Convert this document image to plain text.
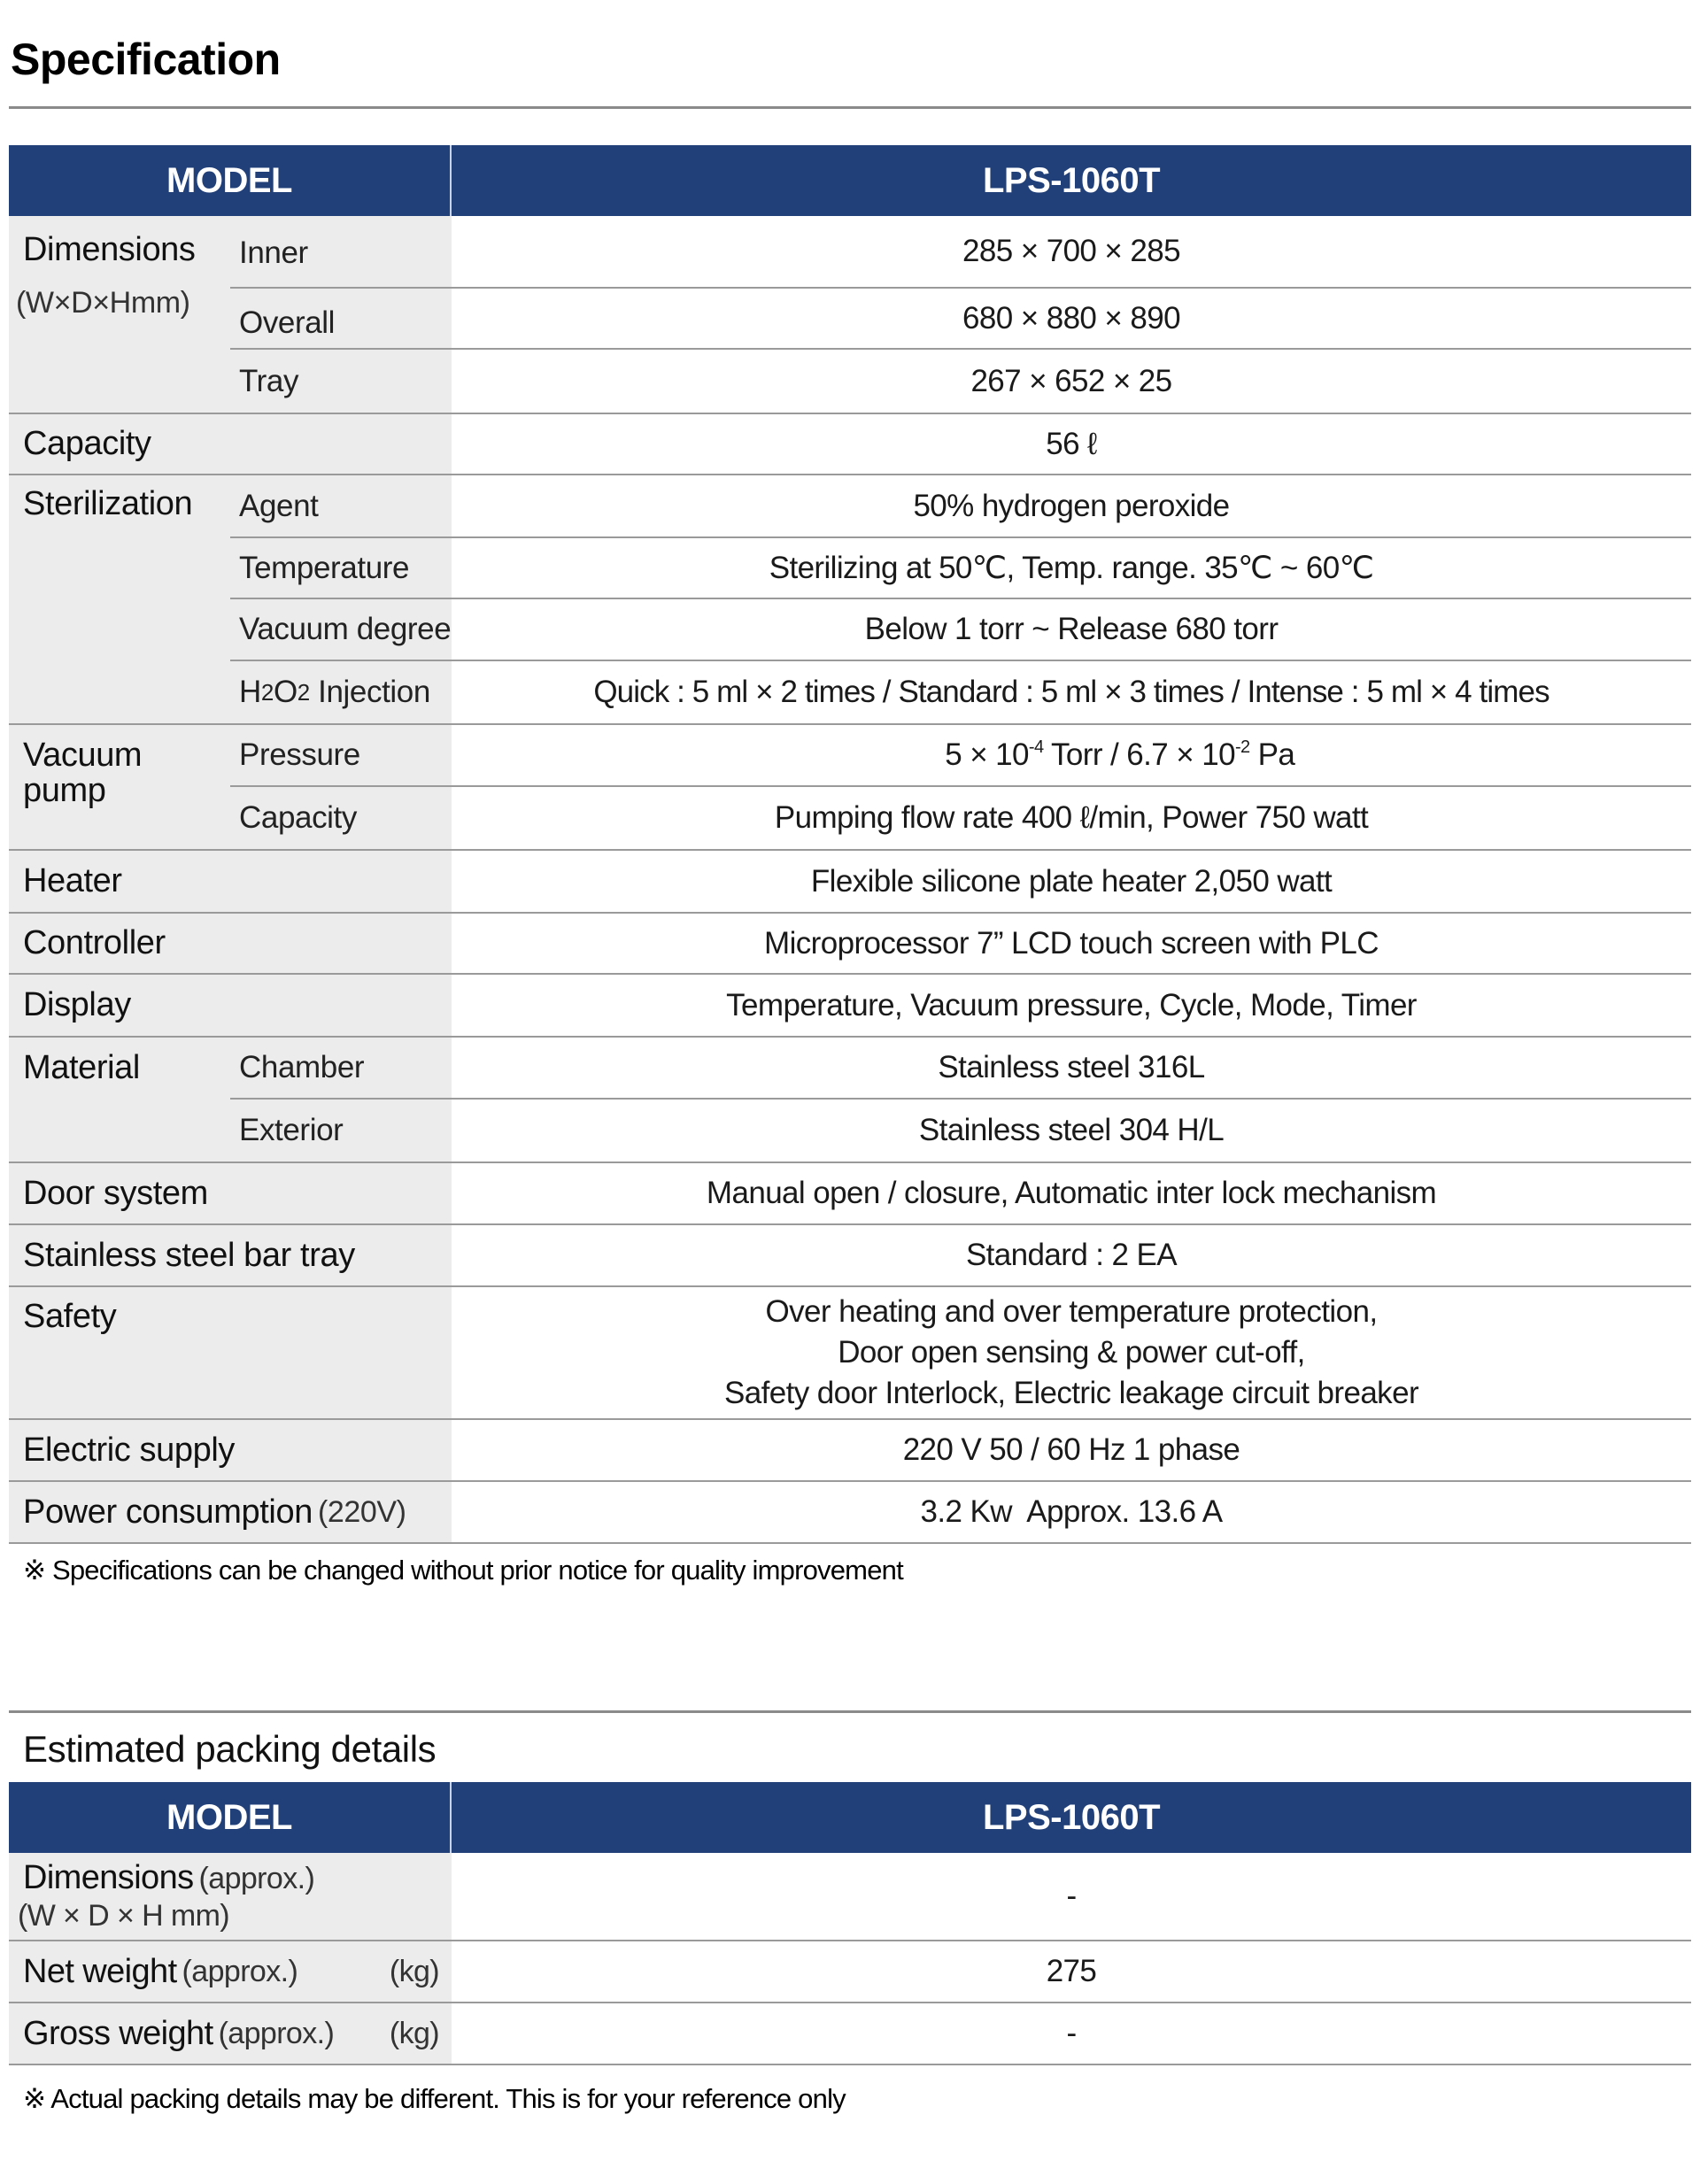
Specification
MODEL	LPS-1060T
Dimensions
(W×D×Hmm)
Inner	285 × 700 × 285
Overall	680 × 880 × 890
Tray	267 × 652 × 25
Capacity	56 ℓ
Sterilization	Agent	50% hydrogen peroxide
Temperature	Sterilizing at 50℃, Temp. range. 35℃ ~ 60℃
Vacuum degree	Below 1 torr ~ Release 680 torr
H 2 O 2 Injection	Quick : 5 ml × 2 times / Standard : 5 ml × 3 times / Intense : 5 ml × 4 times
Vacuum
pump
Pressure	$5 \times 10^{-4}$ Torr / $6.7 \times 10^{-2}$ Pa

Capacity	Pumping flow rate 400 ℓ/min, Power 750 watt
Heater	Flexible silicone plate heater 2,050 watt
Controller	Microprocessor 7” LCD touch screen with PLC
Display	Temperature, Vacuum pressure, Cycle, Mode, Timer
Material	Chamber	Stainless steel 316L
Exterior	Stainless steel 304 H/L
Door system	Manual open / closure, Automatic inter lock mechanism
Stainless steel bar tray	Standard : 2 EA
Safety	Over heating and over temperature protection,
Door open sensing & power cut-off,
Safety door Interlock, Electric leakage circuit breaker
Electric supply	220 V 50 / 60 Hz 1 phase
Power consumption (220V)	3.2 Kw  Approx. 13.6 A
※ Specifications can be changed without prior notice for quality improvement
Estimated packing details
MODEL	LPS-1060T
Dimensions (approx.)
(W × D × H mm)
-
Net weight (approx.)	(kg)	275
Gross weight (approx.) (kg)	-
※ Actual packing details may be different. This is for your reference only
